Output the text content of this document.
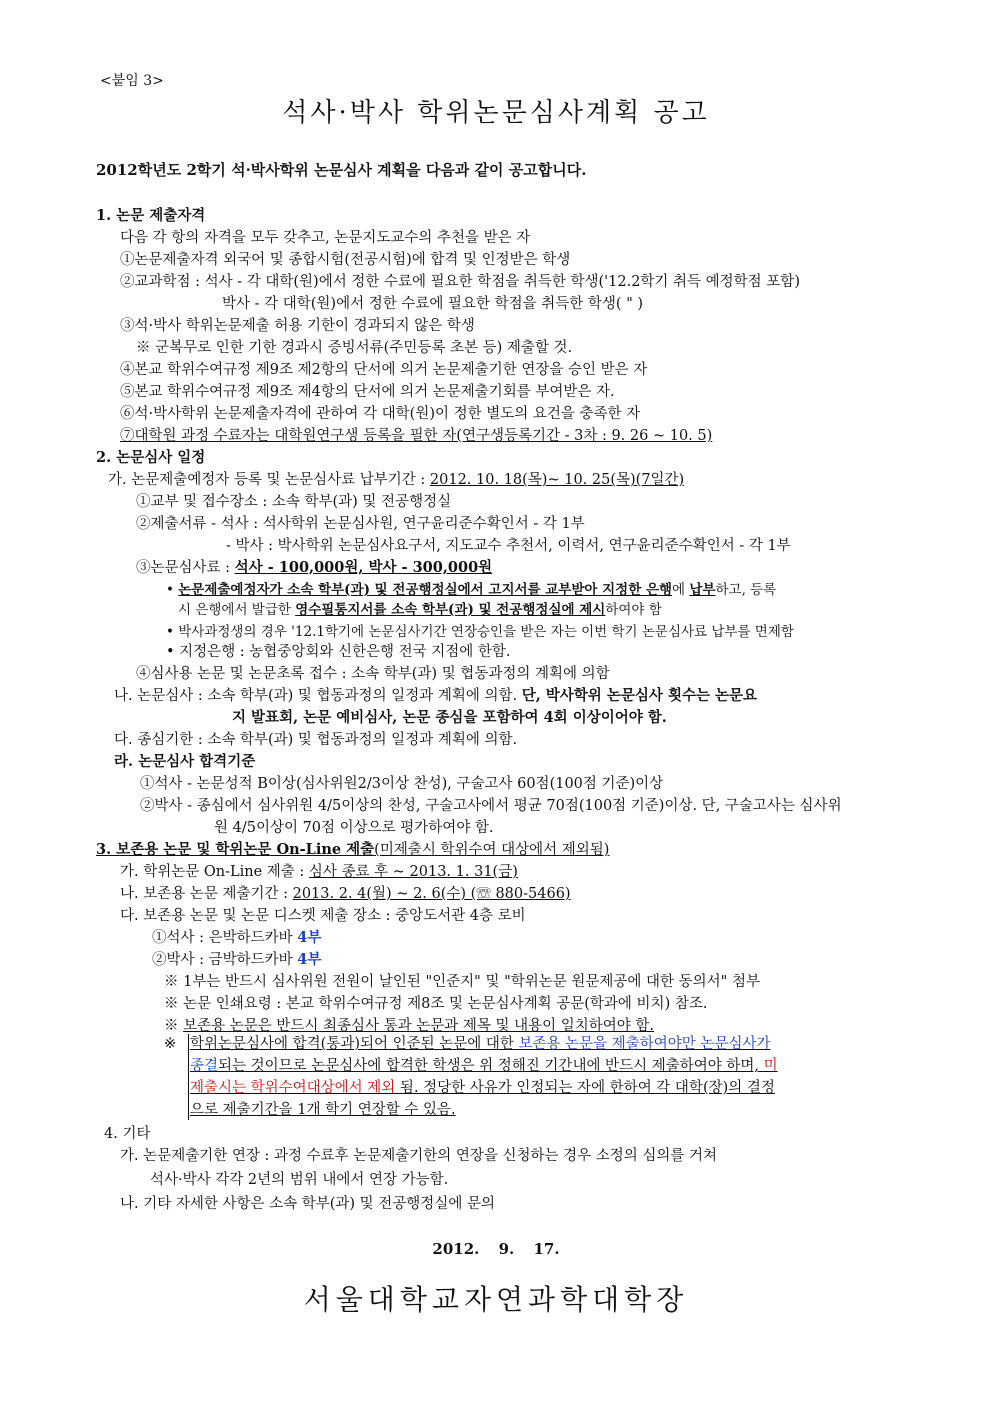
<붙임 3>
석사·박사 학위논문심사계획 공고
2012학년도 2학기 석·박사학위 논문심사 계획을 다음과 같이 공고합니다.
1. 논문 제출자격
다음 각 항의 자격을 모두 갖추고, 논문지도교수의 추천을 받은 자
①논문제출자격 외국어 및 종합시험(전공시험)에 합격 및 인정받은 학생
②교과학점 : 석사 - 각 대학(원)에서 정한 수료에 필요한 학점을 취득한 학생('12.2학기 취득 예정학점 포함)
박사 - 각 대학(원)에서 정한 수료에 필요한 학점을 취득한 학생( " )
③석·박사 학위논문제출 허용 기한이 경과되지 않은 학생
※ 군복무로 인한 기한 경과시 증빙서류(주민등록 초본 등) 제출할 것.
④본교 학위수여규정 제9조 제2항의 단서에 의거 논문제출기한 연장을 승인 받은 자
⑤본교 학위수여규정 제9조 제4항의 단서에 의거 논문제출기회를 부여받은 자.
⑥석·박사학위 논문제출자격에 관하여 각 대학(원)이 정한 별도의 요건을 충족한 자
⑦대학원 과정 수료자는 대학원연구생 등록을 필한 자(연구생등록기간 - 3차 : 9. 26 ~ 10. 5)
2. 논문심사 일정
가. 논문제출예정자 등록 및 논문심사료 납부기간 : 2012. 10. 18(목)~ 10. 25(목)(7일간)
①교부 및 접수장소 : 소속 학부(과) 및 전공행정실
②제출서류 - 석사 : 석사학위 논문심사원, 연구윤리준수확인서 - 각 1부
- 박사 : 박사학위 논문심사요구서, 지도교수 추천서, 이력서, 연구윤리준수확인서 - 각 1부
③논문심사료 : 석사 - 100,000원, 박사 - 300,000원
• 논문제출예정자가 소속 학부(과) 및 전공행정실에서 고지서를 교부받아 지정한 은행에 납부하고, 등록
시 은행에서 발급한 영수필통지서를 소속 학부(과) 및 전공행정실에 제시하여야 함
• 박사과정생의 경우 '12.1학기에 논문심사기간 연장승인을 받은 자는 이번 학기 논문심사료 납부를 면제함
• 지정은행 : 농협중앙회와 신한은행 전국 지점에 한함.
④심사용 논문 및 논문초록 접수 : 소속 학부(과) 및 협동과정의 계획에 의함
나. 논문심사 : 소속 학부(과) 및 협동과정의 일정과 계획에 의함. 단, 박사학위 논문심사 횟수는 논문요
지 발표회, 논문 예비심사, 논문 종심을 포함하여 4회 이상이어야 함.
다. 종심기한 : 소속 학부(과) 및 협동과정의 일정과 계획에 의함.
라. 논문심사 합격기준
①석사 - 논문성적 B이상(심사위원2/3이상 찬성), 구술고사 60점(100점 기준)이상
②박사 - 종심에서 심사위원 4/5이상의 찬성, 구술고사에서 평균 70점(100점 기준)이상. 단, 구술고사는 심사위
원 4/5이상이 70점 이상으로 평가하여야 함.
3. 보존용 논문 및 학위논문 On-Line 제출(미제출시 학위수여 대상에서 제외됨)
가. 학위논문 On-Line 제출 : 심사 종료 후 ~ 2013. 1. 31(금)
나. 보존용 논문 제출기간 : 2013. 2. 4(월) ~ 2. 6(수) (☏ 880-5466)
다. 보존용 논문 및 논문 디스켓 제출 장소 : 중앙도서관 4층 로비
①석사 : 은박하드카바 4부
②박사 : 금박하드카바 4부
※ 1부는 반드시 심사위원 전원이 날인된 "인준지" 및 "학위논문 원문제공에 대한 동의서" 첨부
※ 논문 인쇄요령 : 본교 학위수여규정 제8조 및 논문심사계획 공문(학과에 비치) 참조.
※ 보존용 논문은 반드시 최종심사 통과 논문과 제목 및 내용이 일치하여야 함.
※ 학위논문심사에 합격(통과)되어 인준된 논문에 대한 보존용 논문을 제출하여야만 논문심사가
종결되는 것이므로 논문심사에 합격한 학생은 위 정해진 기간내에 반드시 제출하여야 하며, 미
제출시는 학위수여대상에서 제외 됨. 정당한 사유가 인정되는 자에 한하여 각 대학(장)의 결정
으로 제출기간을 1개 학기 연장할 수 있음.
4. 기타
가. 논문제출기한 연장 : 과정 수료후 논문제출기한의 연장을 신청하는 경우 소정의 심의를 거쳐
석사·박사 각각 2년의 범위 내에서 연장 가능함.
나. 기타 자세한 사항은 소속 학부(과) 및 전공행정실에 문의
2012. 9. 17.
서울대학교자연과학대학장
